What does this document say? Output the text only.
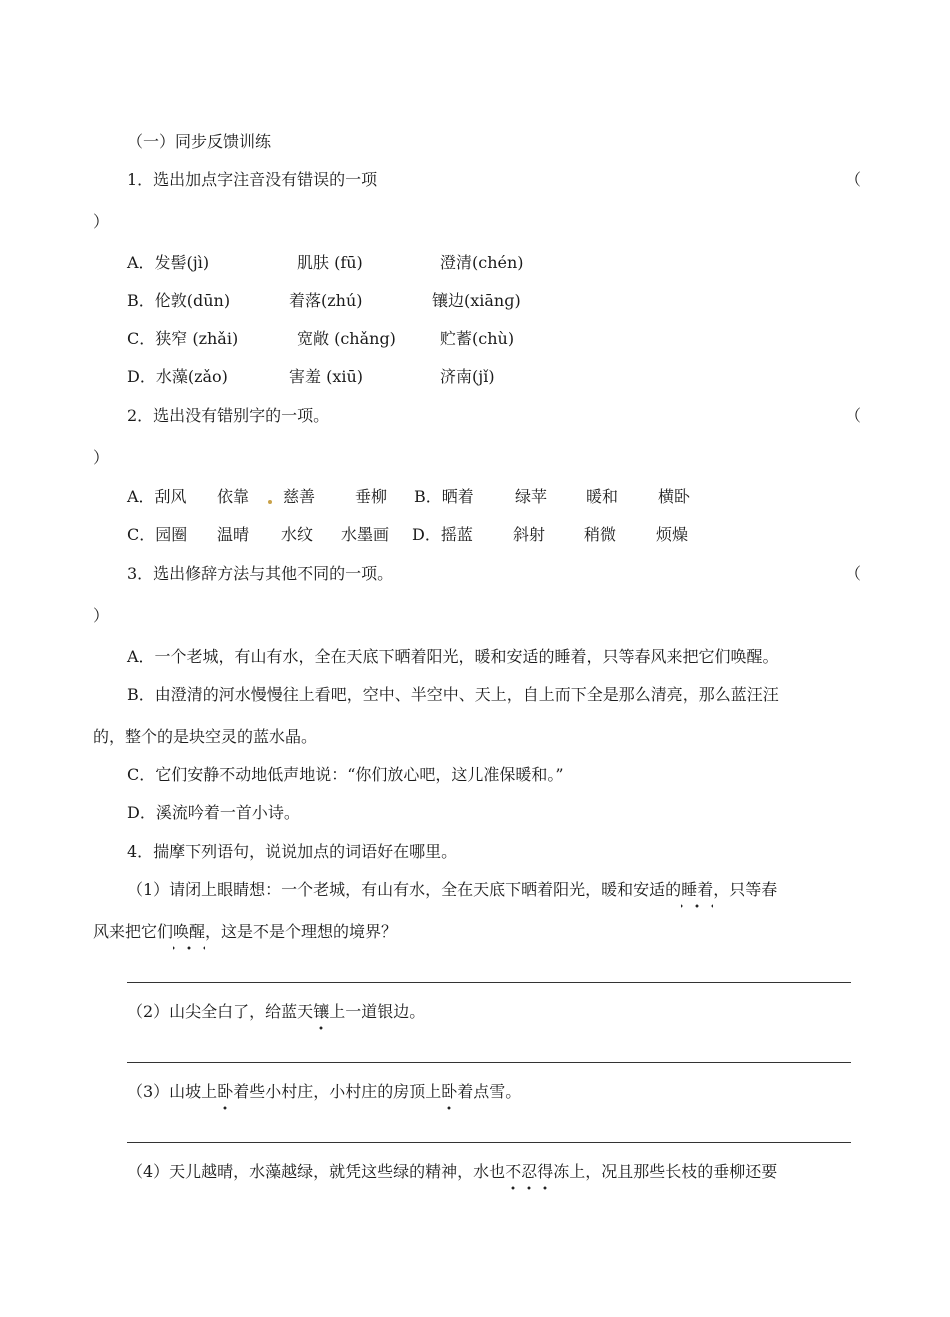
（一）同步反馈训练
1．选出加点字注音没有错误的一项	（
）
A．发髻(jì)	肌肤 (fū)	澄清(chén)
B．伦敦(dūn)	着落(zhú)	镶边(xiānɡ)
C．狭窄 (zhǎi)	宽敞 (chǎng)	贮蓄(chù)
D．水藻(zǎo)	害羞 (xiū)	济南(jǐ)
2．选出没有错别字的一项。	（
）
A．刮风 依靠 慈善 垂柳 B．晒着	绿苹 暖和 横卧
C．园圈 温晴 水纹 水墨画 D．摇蓝	斜射 稍微 烦燥
3．选出修辞方法与其他不同的一项。	（
）
A．一个老城，有山有水，全在天底下晒着阳光，暖和安适的睡着，只等春风来把它们唤醒。
B．由澄清的河水慢慢往上看吧，空中、半空中、天上，自上而下全是那么清亮，那么蓝汪汪
的，整个的是块空灵的蓝水晶。
C．它们安静不动地低声地说：“你们放心吧，这儿准保暖和。”
D．溪流吟着一首小诗。
4．揣摩下列语句，说说加点的词语好在哪里。
（1）请闭上眼睛想：一个老城，有山有水，全在天底下晒着阳光，暖和安适的睡着，只等春
风来把它们唤醒，这是不是个理想的境界？
（2）山尖全白了，给蓝天镶上一道银边。
（3）山坡上卧着些小村庄，小村庄的房顶上卧着点雪。
（4）天儿越晴，水藻越绿，就凭这些绿的精神，水也不忍得冻上，况且那些长枝的垂柳还要
